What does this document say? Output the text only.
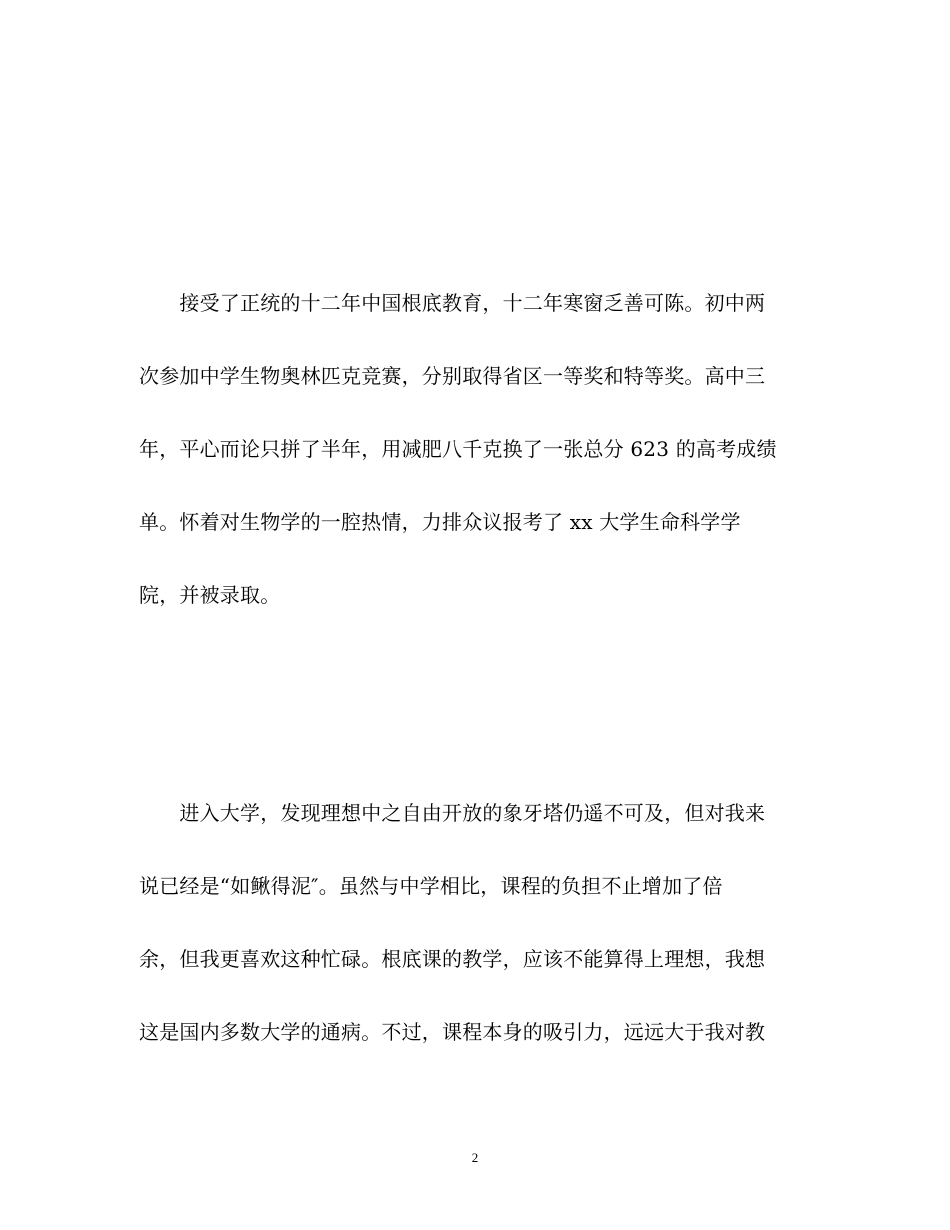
　　接受了正统的十二年中国根底教育，十二年寒窗乏善可陈。初中两
次参加中学生物奥林匹克竞赛，分别取得省区一等奖和特等奖。高中三
年，平心而论只拼了半年，用减肥八千克换了一张总分 623 的高考成绩
单。怀着对生物学的一腔热情，力排众议报考了 xx 大学生命科学学
院，并被录取。
　　进入大学，发现理想中之自由开放的象牙塔仍遥不可及，但对我来
说已经是“如鳅得泥″。虽然与中学相比，课程的负担不止增加了倍
余，但我更喜欢这种忙碌。根底课的教学，应该不能算得上理想，我想
这是国内多数大学的通病。不过，课程本身的吸引力，远远大于我对教
2
